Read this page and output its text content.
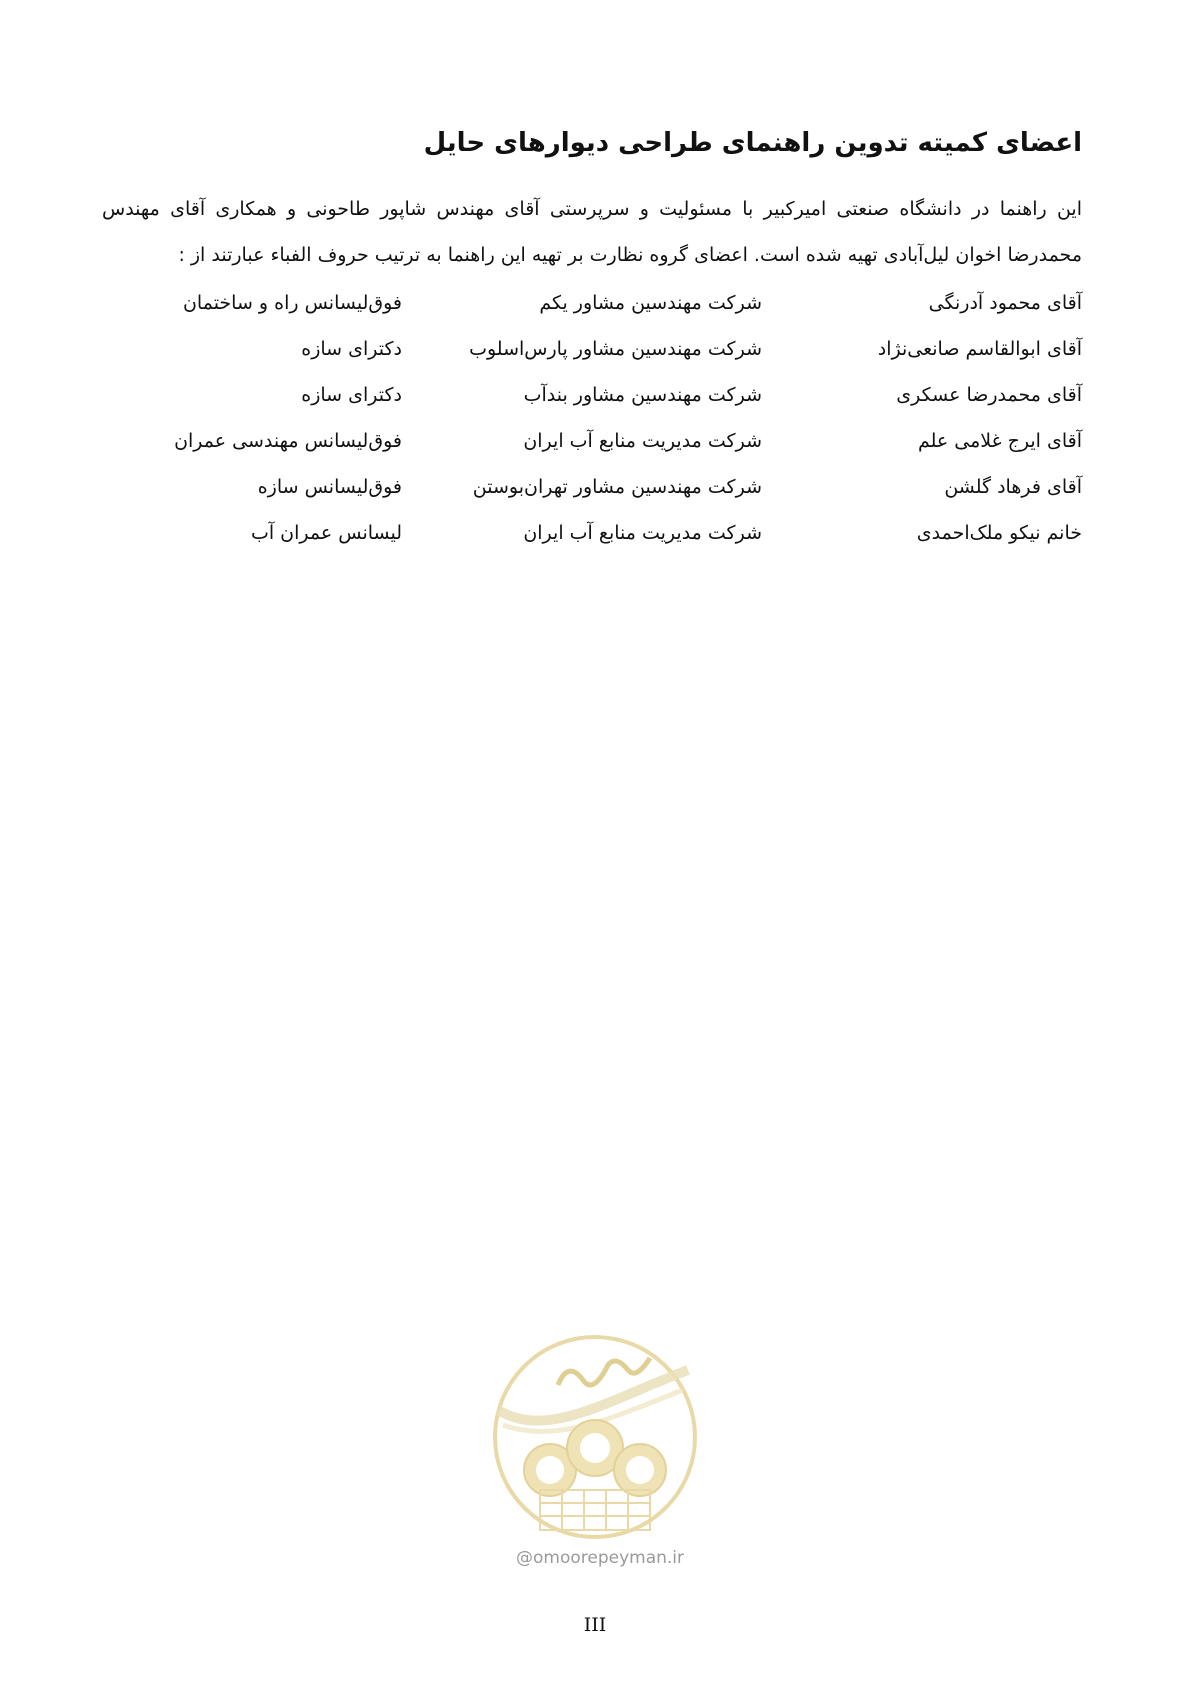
اعضای کمیته تدوین راهنمای طراحی دیوارهای حایل

این راهنما در دانشگاه صنعتی امیرکبیر با مسئولیت و سرپرستی آقای مهندس شاپور طاحونی و همکاری آقای مهندس

محمدرضا اخوان لیل‌آبادی تهیه شده است. اعضای گروه نظارت بر تهیه این راهنما به ترتیب حروف الفباء عبارتند از :

آقای محمود آدرنگی
شرکت مهندسین مشاور یکم
فوق‌لیسانس راه و ساختمان
آقای ابوالقاسم صانعی‌نژاد
شرکت مهندسین مشاور پارس‌اسلوب
دکترای سازه
آقای محمدرضا عسکری
شرکت مهندسین مشاور بندآب
دکترای سازه
آقای ایرج غلامی علم
شرکت مدیریت منابع آب ایران
فوق‌لیسانس مهندسی عمران
آقای فرهاد گلشن
شرکت مهندسین مشاور تهران‌بوستن
فوق‌لیسانس سازه
خانم نیکو ملک‌احمدی
شرکت مدیریت منابع آب ایران
لیسانس عمران آب
@omoorepeyman.ir
III
